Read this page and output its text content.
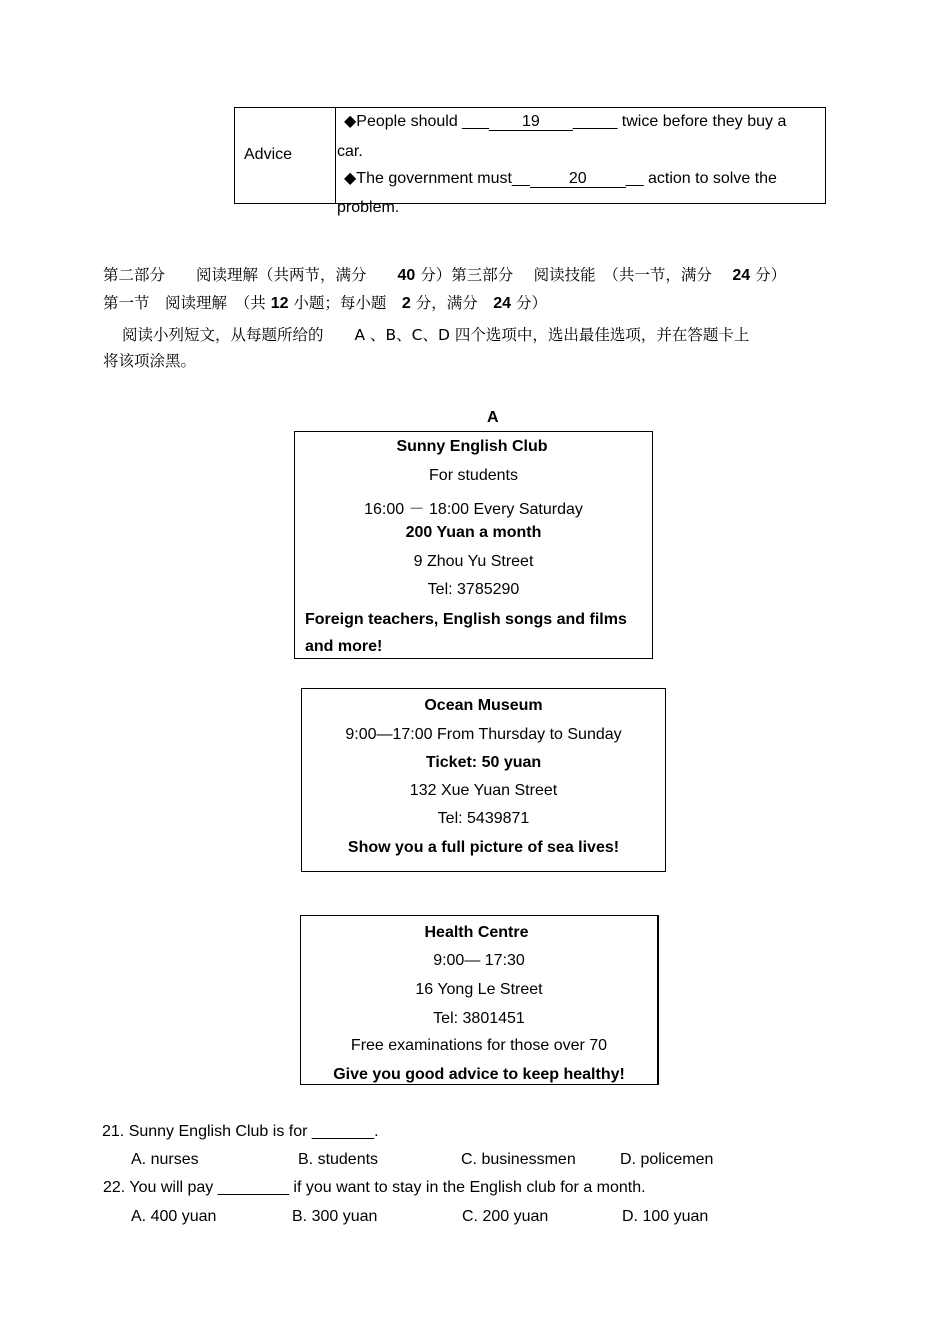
Advice
◆People should ___ 19 _____ twice before they buy a
car.
◆The government must__ 20 __ action to solve the
problem.
第二部分　　阅读理解（共两节，满分　　40 分）第三部分　 阅读技能　（共一节，满分　 24 分）
第一节　阅读理解　（共 12 小题；每小题　2 分，满分　24 分）
阅读小列短文，从每题所给的　　A 、B、C、D 四个选项中，选出最佳选项，并在答题卡上
将该项涂黑。
A
Sunny English Club
For students
16:00 － 18:00 Every Saturday
200 Yuan a month
9 Zhou Yu Street
Tel: 3785290
Foreign teachers, English songs and films
and more!
Ocean Museum
9:00—17:00 From Thursday to Sunday
Ticket: 50 yuan
132 Xue Yuan Street
Tel: 5439871
Show you a full picture of sea lives!
Health Centre
9:00— 17:30
16 Yong Le Street
Tel: 3801451
Free examinations for those over 70
Give you good advice to keep healthy!
21. Sunny English Club is for _______.
A. nurses	B. students	C. businessmen	D. policemen
22. You will pay ________ if you want to stay in the English club for a month.
A. 400 yuan	B. 300 yuan	C. 200 yuan	D. 100 yuan
